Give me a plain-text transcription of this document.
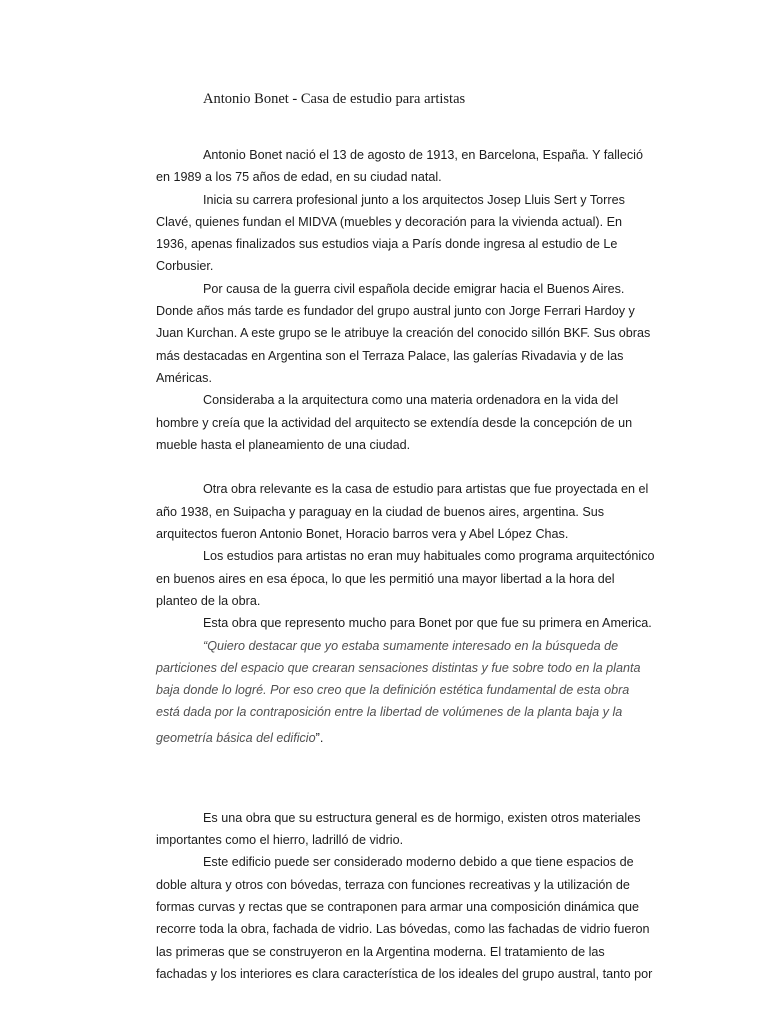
Antonio Bonet - Casa de estudio para artistas
Antonio Bonet nació el 13 de agosto de 1913, en Barcelona, España. Y falleció
en 1989 a los 75 años de edad, en su ciudad natal.
Inicia su carrera profesional junto a los arquitectos Josep Lluis Sert y Torres
Clavé, quienes fundan el MIDVA (muebles y decoración para la vivienda actual). En
1936, apenas finalizados sus estudios viaja a París donde ingresa al estudio de Le
Corbusier.
Por causa de la guerra civil española decide emigrar hacia el Buenos Aires.
Donde años más tarde es fundador del grupo austral junto con Jorge Ferrari Hardoy y
Juan Kurchan. A este grupo se le atribuye la creación del conocido sillón BKF. Sus obras
más destacadas en Argentina son el Terraza Palace, las galerías Rivadavia y de las
Américas.
Consideraba a la arquitectura como una materia ordenadora en la vida del
hombre y creía que la actividad del arquitecto se extendía desde la concepción de un
mueble hasta el planeamiento de una ciudad.
Otra obra relevante es la casa de estudio para artistas que fue proyectada en el
año 1938, en Suipacha y paraguay en la ciudad de buenos aires, argentina. Sus
arquitectos fueron Antonio Bonet, Horacio barros vera y Abel López Chas.
Los estudios para artistas no eran muy habituales como programa arquitectónico
en buenos aires en esa época, lo que les permitió una mayor libertad a la hora del
planteo de la obra.
Esta obra que represento mucho para Bonet por que fue su primera en America.
“Quiero destacar que yo estaba sumamente interesado en la búsqueda de
particiones del espacio que crearan sensaciones distintas y fue sobre todo en la planta
baja donde lo logré. Por eso creo que la definición estética fundamental de esta obra
está dada por la contraposición entre la libertad de volúmenes de la planta baja y la
geometría básica del edificio”.
Es una obra que su estructura general es de hormigo, existen otros materiales
importantes como el hierro, ladrilló de vidrio.
Este edificio puede ser considerado moderno debido a que tiene espacios de
doble altura y otros con bóvedas, terraza con funciones recreativas y la utilización de
formas curvas y rectas que se contraponen para armar una composición dinámica que
recorre toda la obra, fachada de vidrio. Las bóvedas, como las fachadas de vidrio fueron
las primeras que se construyeron en la Argentina moderna. El tratamiento de las
fachadas y los interiores es clara característica de los ideales del grupo austral, tanto por
